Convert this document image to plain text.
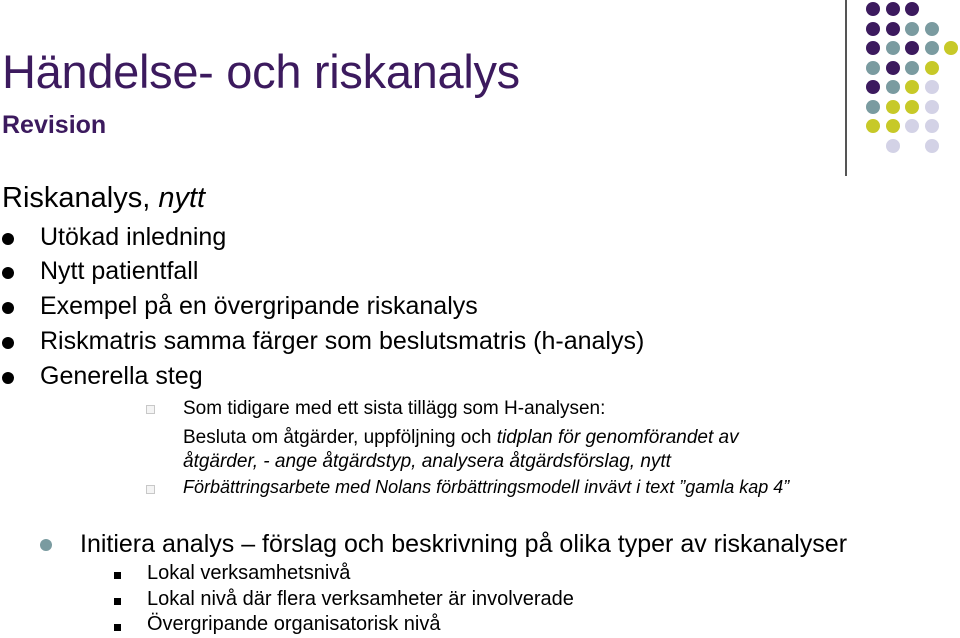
Händelse- och riskanalys
Revision
Riskanalys, nytt
Utökad inledning
Nytt patientfall
Exempel på en övergripande riskanalys
Riskmatris samma färger som beslutsmatris (h-analys)
Generella steg
Som tidigare med ett sista tillägg som H-analysen:
Besluta om åtgärder, uppföljning och tidplan för genomförandet av
åtgärder, - ange åtgärdstyp, analysera åtgärdsförslag, nytt
Förbättringsarbete med Nolans förbättringsmodell invävt i text ”gamla kap 4”
Initiera analys – förslag och beskrivning på olika typer av riskanalyser
Lokal verksamhetsnivå
Lokal nivå där flera verksamheter är involverade
Övergripande organisatorisk nivå
